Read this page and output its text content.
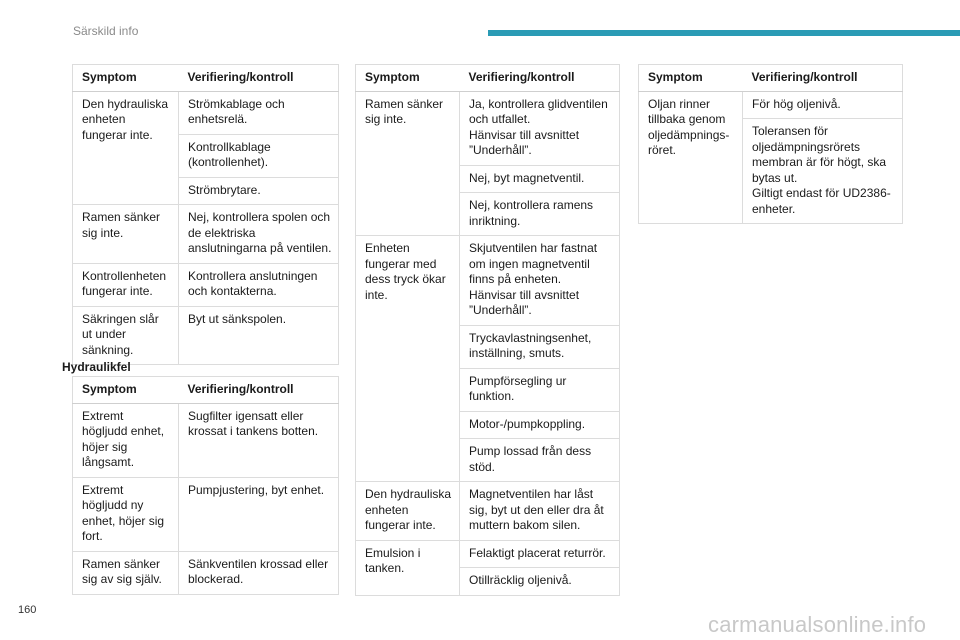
Särskild info
Symptom	Verifiering/kontroll
Den hydrauliska enheten fungerar inte.	Strömkablage och enhetsrelä.
	Kontrollkablage (kontrollenhet).
	Strömbrytare.
Ramen sänker sig inte.	Nej, kontrollera spolen och de elektriska anslutningarna på ventilen.
Kontrollenheten fungerar inte.	Kontrollera anslutningen och kontakterna.
Säkringen slår ut under sänkning.	Byt ut sänkspolen.
Hydraulikfel
Symptom	Verifiering/kontroll
Extremt högljudd enhet, höjer sig långsamt.	Sugfilter igensatt eller krossat i tankens botten.
Extremt högljudd ny enhet, höjer sig fort.	Pumpjustering, byt enhet.
Ramen sänker sig av sig själv.	Sänkventilen krossad eller blockerad.
Symptom	Verifiering/kontroll
Ramen sänker sig inte.	Ja, kontrollera glidventilen och utfallet.
Hänvisar till avsnittet ”Underhåll”.
	Nej, byt magnetventil.
	Nej, kontrollera ramens inriktning.
Enheten fungerar med dess tryck ökar inte.	Skjutventilen har fastnat om ingen magnetventil finns på enheten.
Hänvisar till avsnittet ”Underhåll”.
	Tryckavlastningsenhet, inställning, smuts.
	Pumpförsegling ur funktion.
	Motor-/pumpkoppling.
	Pump lossad från dess stöd.
Den hydrauliska enheten fungerar inte.	Magnetventilen har låst sig, byt ut den eller dra åt muttern bakom silen.
Emulsion i tanken.	Felaktigt placerat returrör.
	Otillräcklig oljenivå.
Symptom	Verifiering/kontroll
Oljan rinner tillbaka genom oljedämpnings-röret.	För hög oljenivå.
	Toleransen för oljedämpningsrörets membran är för högt, ska bytas ut.
Giltigt endast för UD2386-enheter.
160
carmanualsonline.info
